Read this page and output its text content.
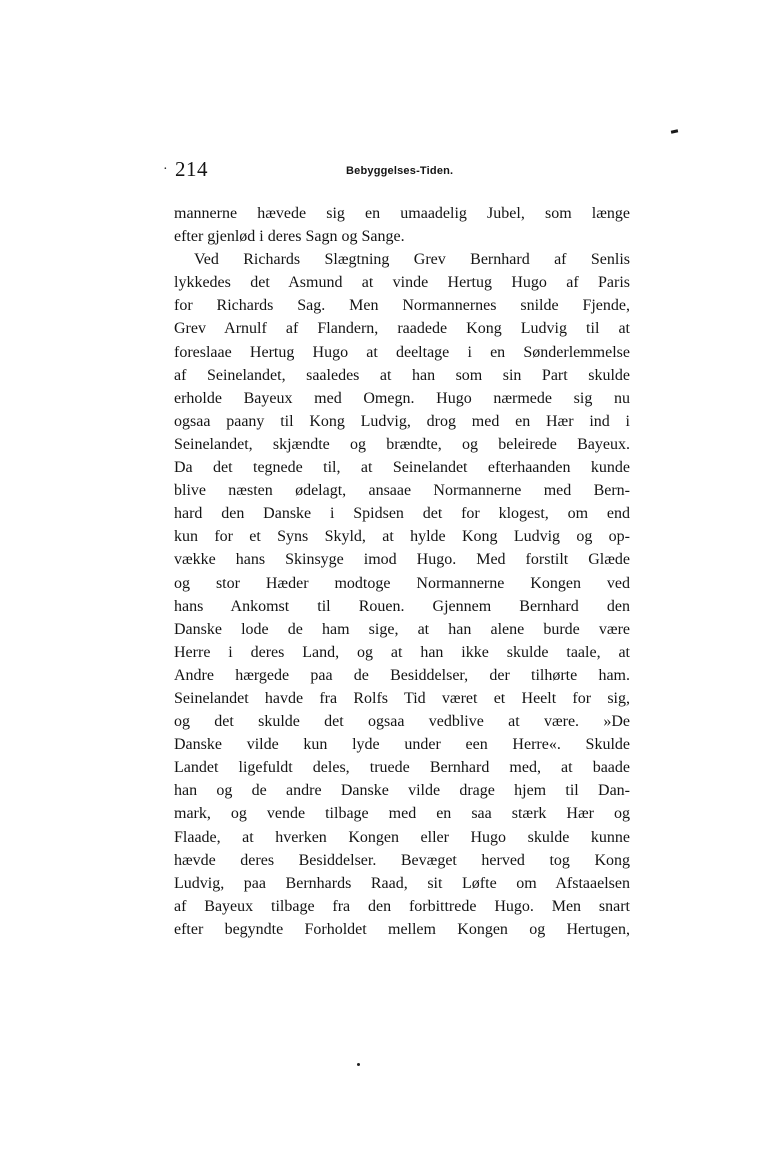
· 214	Bebyggelses-Tiden.
mannerne hævede sig en umaadelig Jubel, som længe
efter gjenlød i deres Sagn og Sange.
Ved Richards Slægtning Grev Bernhard af Senlis
lykkedes det Asmund at vinde Hertug Hugo af Paris
for Richards Sag. Men Normannernes snilde Fjende,
Grev Arnulf af Flandern, raadede Kong Ludvig til at
foreslaae Hertug Hugo at deeltage i en Sønderlemmelse
af Seinelandet, saaledes at han som sin Part skulde
erholde Bayeux med Omegn. Hugo nærmede sig nu
ogsaa paany til Kong Ludvig, drog med en Hær ind i
Seinelandet, skjændte og brændte, og beleirede Bayeux.
Da det tegnede til, at Seinelandet efterhaanden kunde
blive næsten ødelagt, ansaae Normannerne med Bern-
hard den Danske i Spidsen det for klogest, om end
kun for et Syns Skyld, at hylde Kong Ludvig og op-
vække hans Skinsyge imod Hugo. Med forstilt Glæde
og stor Hæder modtoge Normannerne Kongen ved
hans Ankomst til Rouen. Gjennem Bernhard den
Danske lode de ham sige, at han alene burde være
Herre i deres Land, og at han ikke skulde taale, at
Andre hærgede paa de Besiddelser, der tilhørte ham.
Seinelandet havde fra Rolfs Tid været et Heelt for sig,
og det skulde det ogsaa vedblive at være. »De
Danske vilde kun lyde under een Herre«. Skulde
Landet ligefuldt deles, truede Bernhard med, at baade
han og de andre Danske vilde drage hjem til Dan-
mark, og vende tilbage med en saa stærk Hær og
Flaade, at hverken Kongen eller Hugo skulde kunne
hævde deres Besiddelser. Bevæget herved tog Kong
Ludvig, paa Bernhards Raad, sit Løfte om Afstaaelsen
af Bayeux tilbage fra den forbittrede Hugo. Men snart
efter begyndte Forholdet mellem Kongen og Hertugen,
